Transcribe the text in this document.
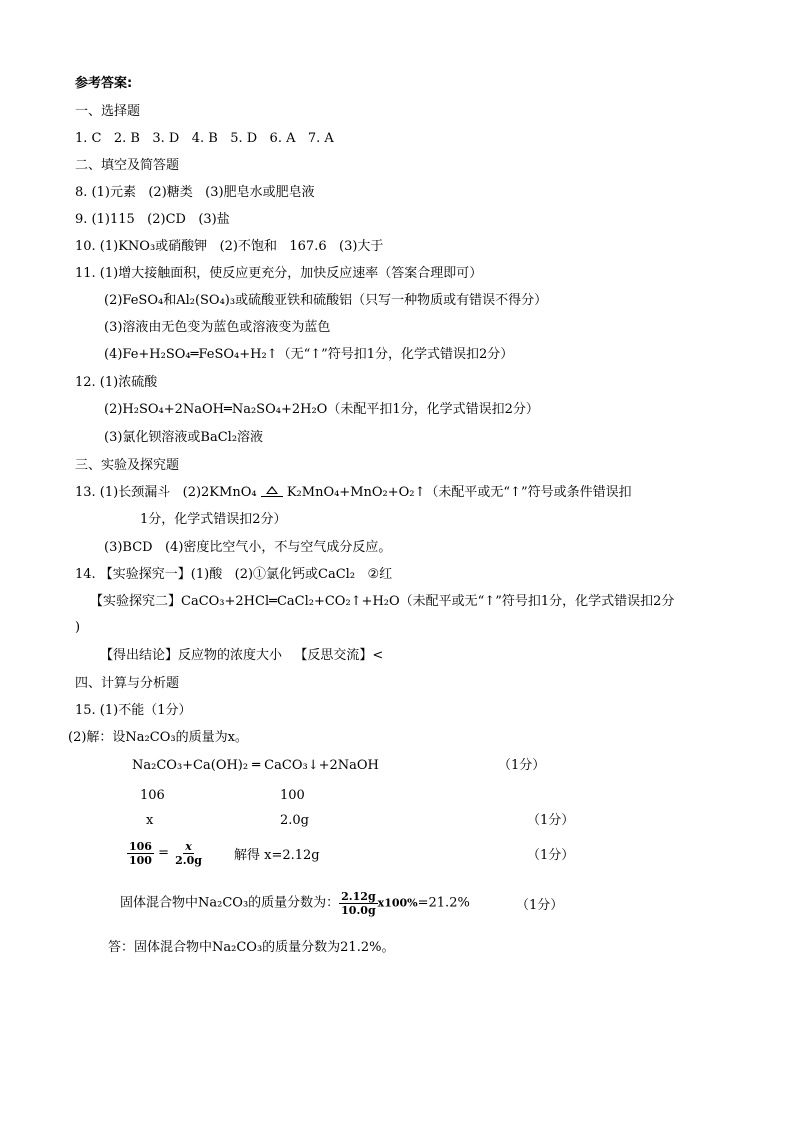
参考答案:
一、选择题
1. C   2. B   3. D   4. B   5. D   6. A   7. A
二、填空及简答题
8. (1)元素   (2)糖类   (3)肥皂水或肥皂液
9. (1)115   (2)CD   (3)盐
10. (1)KNO₃或硝酸钾   (2)不饱和   167.6   (3)大于
11. (1)增大接触面积，使反应更充分，加快反应速率（答案合理即可）
(2)FeSO₄和Al₂(SO₄)₃或硫酸亚铁和硫酸铝（只写一种物质或有错误不得分）
(3)溶液由无色变为蓝色或溶液变为蓝色
(4)Fe+H₂SO₄═FeSO₄+H₂↑（无“↑”符号扣1分，化学式错误扣2分）
12. (1)浓硫酸
(2)H₂SO₄+2NaOH═Na₂SO₄+2H₂O（未配平扣1分，化学式错误扣2分）
(3)氯化钡溶液或BaCl₂溶液
三、实验及探究题
13. (1)长颈漏斗   (2)2KMnO₄
K₂MnO₄+MnO₂+O₂↑（未配平或无“↑”符号或条件错误扣
1分，化学式错误扣2分）
(3)BCD   (4)密度比空气小，不与空气成分反应。
14. 【实验探究一】(1)酸   (2)①氯化钙或CaCl₂   ②红
【实验探究二】CaCO₃+2HCl═CaCl₂+CO₂↑+H₂O（未配平或无“↑”符号扣1分，化学式错误扣2分
)
【得出结论】反应物的浓度大小   【反思交流】<
四、计算与分析题
15. (1)不能（1分）
(2)解：设Na₂CO₃的质量为x。
Na₂CO₃+Ca(OH)₂ ═ CaCO₃↓+2NaOH	（1分）
106	100
x	2.0g	（1分）
$\frac{106}{100} = \frac{x}{2.0g}$ 解得 x=2.12g	（1分）
固体混合物中Na₂CO₃的质量分数为： $\frac{2.12g}{10.0g} x100\%=21.2\%$	（1分）
答：固体混合物中Na₂CO₃的质量分数为21.2%。
